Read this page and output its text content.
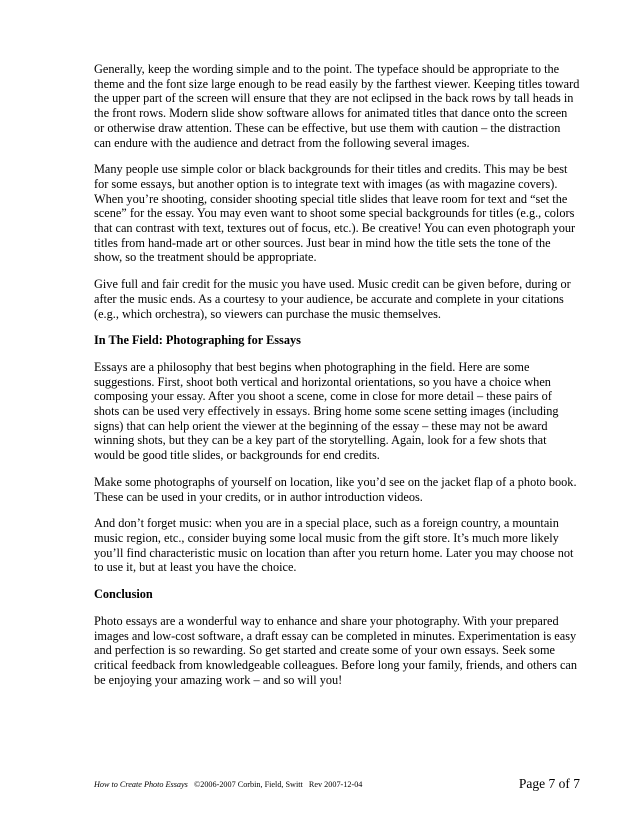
Generally, keep the wording simple and to the point. The typeface should be appropriate to the theme and the font size large enough to be read easily by the farthest viewer. Keeping titles toward the upper part of the screen will ensure that they are not eclipsed in the back rows by tall heads in the front rows. Modern slide show software allows for animated titles that dance onto the screen or otherwise draw attention. These can be effective, but use them with caution – the distraction can endure with the audience and detract from the following several images.

Many people use simple color or black backgrounds for their titles and credits. This may be best for some essays, but another option is to integrate text with images (as with magazine covers). When you’re shooting, consider shooting special title slides that leave room for text and “set the scene” for the essay. You may even want to shoot some special backgrounds for titles (e.g., colors that can contrast with text, textures out of focus, etc.). Be creative! You can even photograph your titles from hand-made art or other sources. Just bear in mind how the title sets the tone of the show, so the treatment should be appropriate.

Give full and fair credit for the music you have used. Music credit can be given before, during or after the music ends. As a courtesy to your audience, be accurate and complete in your citations (e.g., which orchestra), so viewers can purchase the music themselves.

In The Field: Photographing for Essays

Essays are a philosophy that best begins when photographing in the field. Here are some suggestions. First, shoot both vertical and horizontal orientations, so you have a choice when composing your essay. After you shoot a scene, come in close for more detail – these pairs of shots can be used very effectively in essays. Bring home some scene setting images (including signs) that can help orient the viewer at the beginning of the essay – these may not be award winning shots, but they can be a key part of the storytelling. Again, look for a few shots that would be good title slides, or backgrounds for end credits.

Make some photographs of yourself on location, like you’d see on the jacket flap of a photo book. These can be used in your credits, or in author introduction videos.

And don’t forget music: when you are in a special place, such as a foreign country, a mountain music region, etc., consider buying some local music from the gift store. It’s much more likely you’ll find characteristic music on location than after you return home. Later you may choose not to use it, but at least you have the choice.

Conclusion

Photo essays are a wonderful way to enhance and share your photography. With your prepared images and low-cost software, a draft essay can be completed in minutes. Experimentation is easy and perfection is so rewarding. So get started and create some of your own essays. Seek some critical feedback from knowledgeable colleagues. Before long your family, friends, and others can be enjoying your amazing work – and so will you!

How to Create Photo Essays   ©2006-2007 Corbin, Field, Switt   Rev 2007-12-04	Page 7 of 7
